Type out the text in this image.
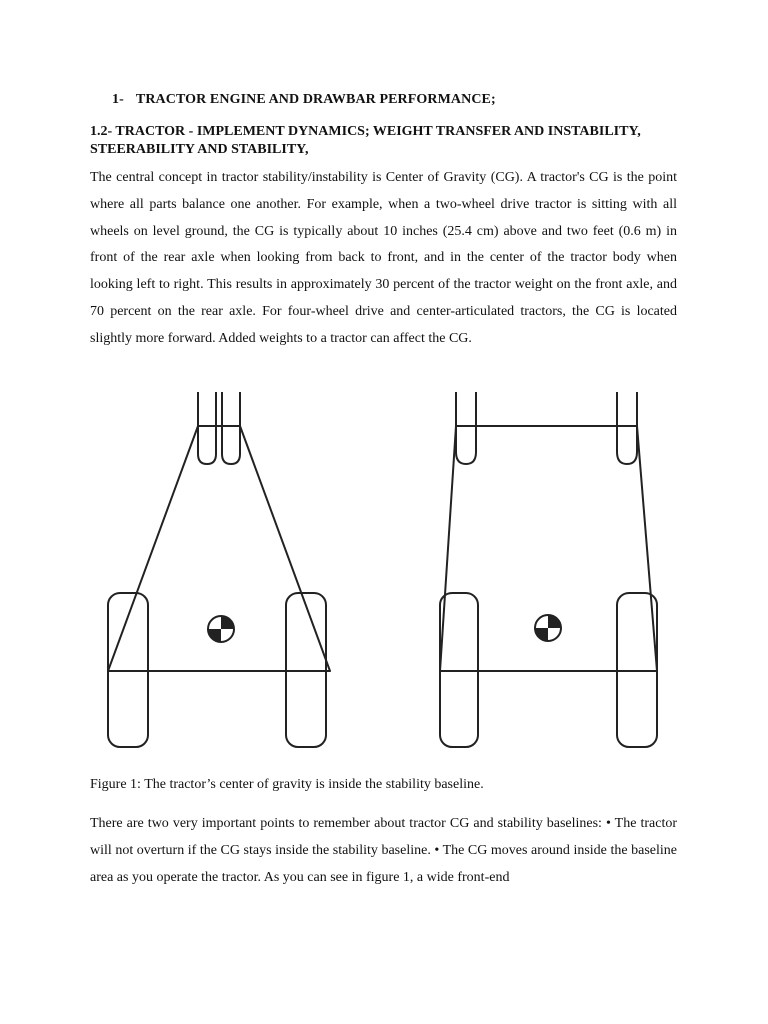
1- TRACTOR ENGINE AND DRAWBAR PERFORMANCE;
1.2- TRACTOR - IMPLEMENT DYNAMICS; WEIGHT TRANSFER AND INSTABILITY, STEERABILITY AND STABILITY,
The central concept in tractor stability/instability is Center of Gravity (CG). A tractor's CG is the point where all parts balance one another. For example, when a two-wheel drive tractor is sitting with all wheels on level ground, the CG is typically about 10 inches (25.4 cm) above and two feet (0.6 m) in front of the rear axle when looking from back to front, and in the center of the tractor body when looking left to right. This results in approximately 30 percent of the tractor weight on the front axle, and 70 percent on the rear axle. For four-wheel drive and center-articulated tractors, the CG is located slightly more forward. Added weights to a tractor can affect the CG.
Figure 1: The tractor’s center of gravity is inside the stability baseline.
There are two very important points to remember about tractor CG and stability baselines: • The tractor will not overturn if the CG stays inside the stability baseline. • The CG moves around inside the baseline area as you operate the tractor. As you can see in figure 1, a wide front-end
